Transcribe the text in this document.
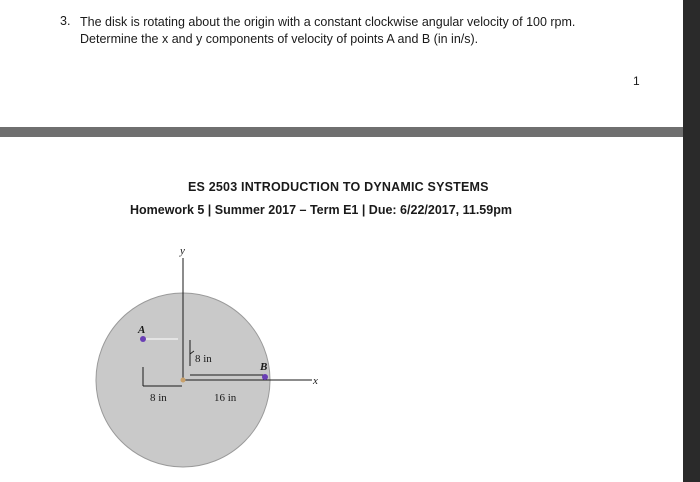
3. The disk is rotating about the origin with a constant clockwise angular velocity of 100 rpm.
Determine the x and y components of velocity of points A and B (in in/s).
1
ES 2503 INTRODUCTION TO DYNAMIC SYSTEMS
Homework 5 | Summer 2017 – Term E1 | Due: 6/22/2017, 11.59pm
y
x
8 in
8 in	16 in
A
B
